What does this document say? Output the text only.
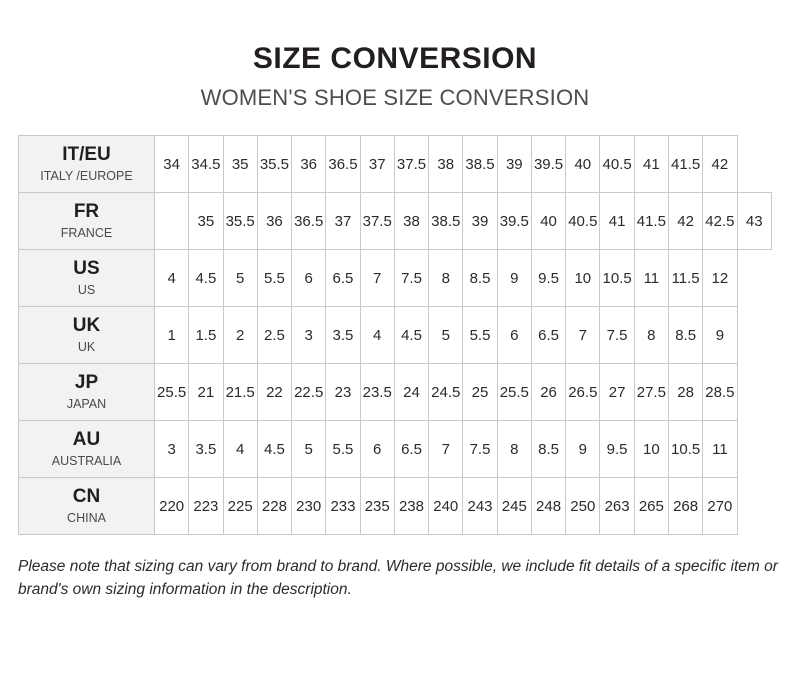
SIZE CONVERSION
WOMEN'S SHOE SIZE CONVERSION
IT/EU
ITALY /EUROPE	34	34.5	35	35.5	36	36.5	37	37.5	38	38.5	39	39.5	40	40.5	41	41.5	42	

FR
FRANCE		35	35.5	36	36.5	37	37.5	38	38.5	39	39.5	40	40.5	41	41.5	42	42.5	43

US
US	4	4.5	5	5.5	6	6.5	7	7.5	8	8.5	9	9.5	10	10.5	11	11.5	12	

UK
UK	1	1.5	2	2.5	3	3.5	4	4.5	5	5.5	6	6.5	7	7.5	8	8.5	9	

JP
JAPAN	25.5	21	21.5	22	22.5	23	23.5	24	24.5	25	25.5	26	26.5	27	27.5	28	28.5	

AU
AUSTRALIA	3	3.5	4	4.5	5	5.5	6	6.5	7	7.5	8	8.5	9	9.5	10	10.5	11	

CN
CHINA	220	223	225	228	230	233	235	238	240	243	245	248	250	263	265	268	270	
Please note that sizing can vary from brand to brand. Where possible, we include fit details of a specific item or brand's own sizing information in the description.
